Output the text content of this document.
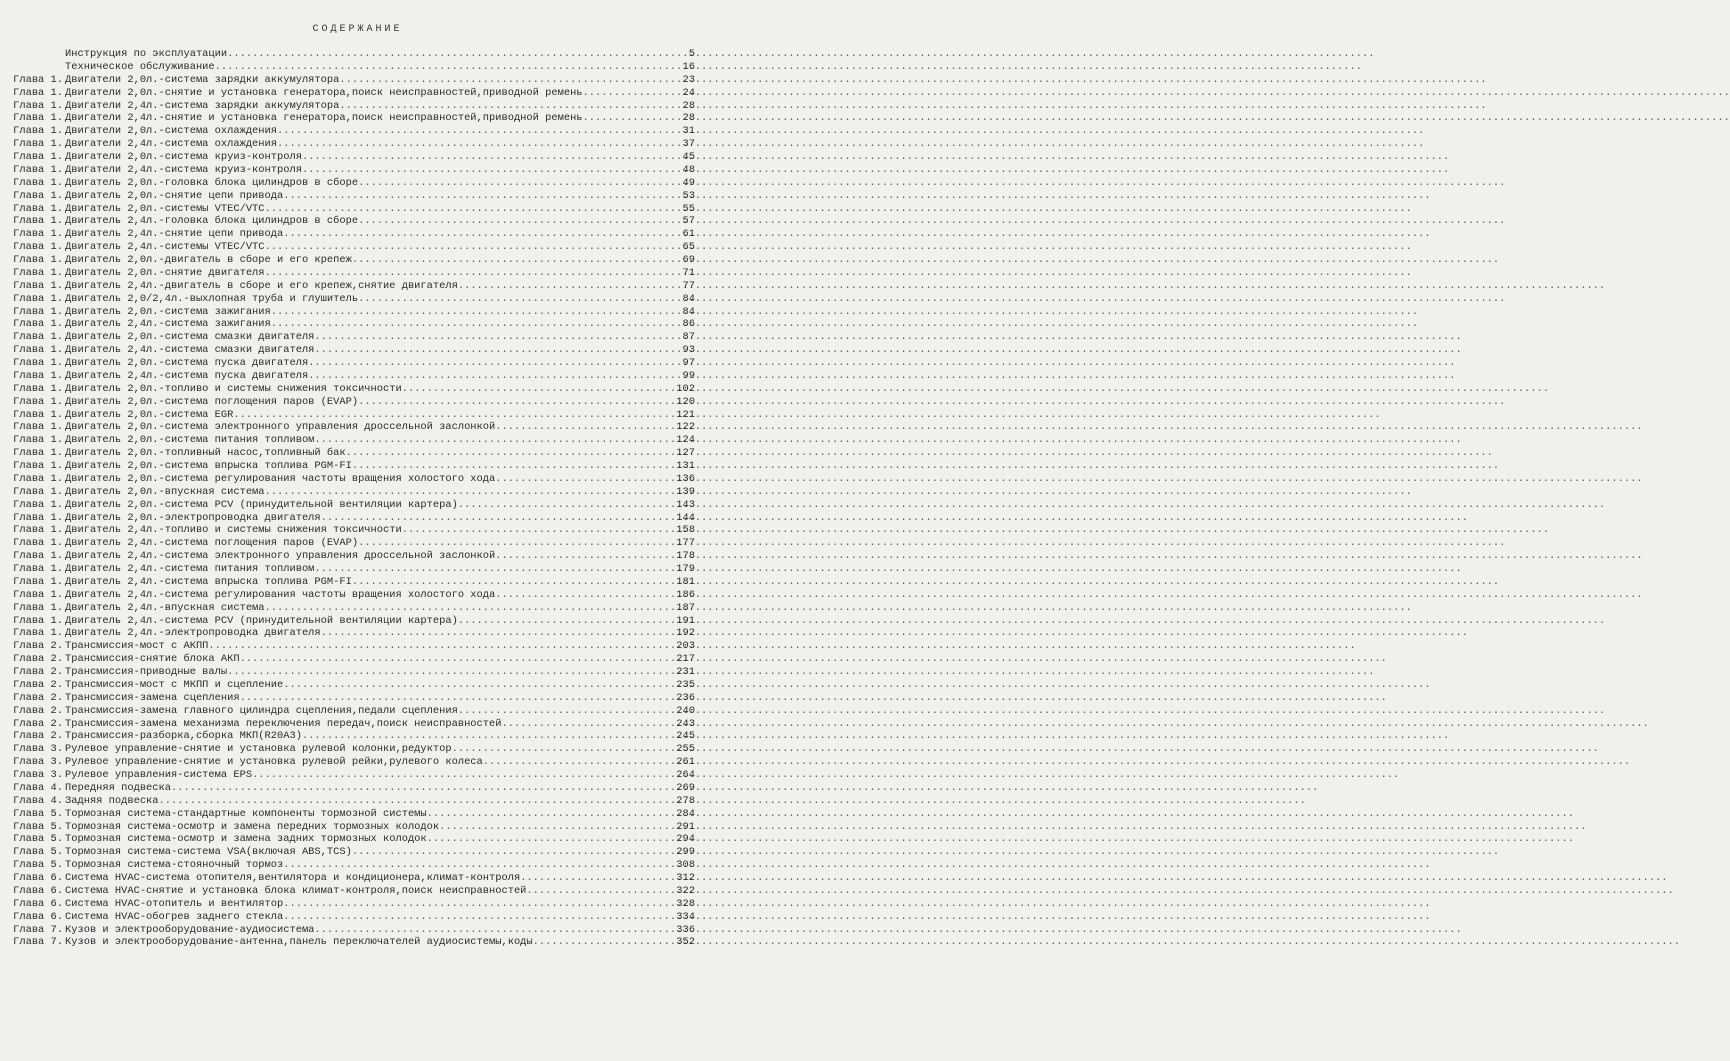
СОДЕРЖАНИЕ
Инструкция по эксплуатации .....	5
Техническое обслуживание .....	16
Глава 1. Двигатели 2,0л.-система зарядки аккумулятора .....	23
Глава 1. Двигатели 2,0л.-снятие и установка генератора,поиск неисправностей,приводной ремень .....	24
Глава 1. Двигатели 2,4л.-система зарядки аккумулятора .....	28
Глава 1. Двигатели 2,4л.-снятие и установка генератора,поиск неисправностей,приводной ремень .....	28
Глава 1. Двигатели 2,0л.-система охлаждения .....	31
Глава 1. Двигатели 2,4л.-система охлаждения .....	37
Глава 1. Двигатели 2,0л.-система круиз-контроля .....	45
Глава 1. Двигатели 2,4л.-система круиз-контроля .....	48
Глава 1. Двигатель 2,0л.-головка блока цилиндров в сборе .....	49
Глава 1. Двигатель 2,0л.-снятие цепи привода .....	53
Глава 1. Двигатель 2,0л.-системы VTEC/VTC .....	55
Глава 1. Двигатель 2,4л.-головка блока цилиндров в сборе .....	57
Глава 1. Двигатель 2,4л.-снятие цепи привода .....	61
Глава 1. Двигатель 2,4л.-системы VTEC/VTC .....	65
Глава 1. Двигатель 2,0л.-двигатель в сборе и его крепеж .....	69
Глава 1. Двигатель 2,0л.-снятие двигателя .....	71
Глава 1. Двигатель 2,4л.-двигатель в сборе и его крепеж,снятие двигателя .....	77
Глава 1. Двигатель 2,0/2,4л.-выхлопная труба и глушитель .....	84
Глава 1. Двигатель 2,0л.-система зажигания .....	84
Глава 1. Двигатель 2,4л.-система зажигания .....	86
Глава 1. Двигатель 2,0л.-система смазки двигателя .....	87
Глава 1. Двигатель 2,4л.-система смазки двигателя .....	93
Глава 1. Двигатель 2,0л.-система пуска двигателя .....	97
Глава 1. Двигатель 2,4л.-система пуска двигателя .....	99
Глава 1. Двигатель 2,0л.-топливо и системы снижения токсичности .....	102
Глава 1. Двигатель 2,0л.-система поглощения паров (EVAP) .....	120
Глава 1. Двигатель 2,0л.-система EGR .....	121
Глава 1. Двигатель 2,0л.-система электронного управления дроссельной заслонкой .....	122
Глава 1. Двигатель 2,0л.-система питания топливом .....	124
Глава 1. Двигатель 2,0л.-топливный насос,топливный бак .....	127
Глава 1. Двигатель 2,0л.-система впрыска топлива PGM-FI .....	131
Глава 1. Двигатель 2,0л.-система регулирования частоты вращения холостого хода .....	136
Глава 1. Двигатель 2,0л.-впускная система .....	139
Глава 1. Двигатель 2,0л.-система PCV (принудительной вентиляции картера) .....	143
Глава 1. Двигатель 2,0л.-электропроводка двигателя .....	144
Глава 1. Двигатель 2,4л.-топливо и системы снижения токсичности .....	158
Глава 1. Двигатель 2,4л.-система поглощения паров (EVAP) .....	177
Глава 1. Двигатель 2,4л.-система электронного управления дроссельной заслонкой .....	178
Глава 1. Двигатель 2,4л.-система питания топливом .....	179
Глава 1. Двигатель 2,4л.-система впрыска топлива PGM-FI .....	181
Глава 1. Двигатель 2,4л.-система регулирования частоты вращения холостого хода .....	186
Глава 1. Двигатель 2,4л.-впускная система .....	187
Глава 1. Двигатель 2,4л.-система PCV (принудительной вентиляции картера) .....	191
Глава 1. Двигатель 2,4л.-электропроводка двигателя .....	192
Глава 2. Трансмиссия-мост с АКПП .....	203
Глава 2. Трансмиссия-снятие блока АКП .....	217
Глава 2. Трансмиссия-приводные валы .....	231
Глава 2. Трансмиссия-мост с МКПП и сцепление .....	235
Глава 2. Трансмиссия-замена сцепления .....	236
Глава 2. Трансмиссия-замена главного цилиндра сцепления,педали сцепления .....	240
Глава 2. Трансмиссия-замена механизма переключения передач,поиск неисправностей .....	243
Глава 2. Трансмиссия-разборка,сборка МКП(R20A3) .....	245
Глава 3. Рулевое управление-снятие и установка рулевой колонки,редуктор .....	255
Глава 3. Рулевое управление-снятие и установка рулевой рейки,рулевого колеса .....	261
Глава 3. Рулевое управления-система EPS .....	264
Глава 4. Передняя подвеска .....	269
Глава 4. Задняя подвеска .....	278
Глава 5. Тормозная система-стандартные компоненты тормозной системы .....	284
Глава 5. Тормозная система-осмотр и замена передних тормозных колодок .....	291
Глава 5. Тормозная система-осмотр и замена задних тормозных колодок .....	294
Глава 5. Тормозная система-система VSA(включая ABS,TCS) .....	299
Глава 5. Тормозная система-стояночный тормоз .....	308
Глава 6. Система HVAC-система отопителя,вентилятора и кондиционера,климат-контроля .....	312
Глава 6. Система HVAC-снятие и установка блока климат-контроля,поиск неисправностей .....	322
Глава 6. Система HVAC-отопитель и вентилятор .....	328
Глава 6. Система HVAC-обогрев заднего стекла .....	334
Глава 7. Кузов и электрооборудование-аудиосистема .....	336
Глава 7. Кузов и электрооборудование-антенна,панель переключателей аудиосистемы,коды .....	352
